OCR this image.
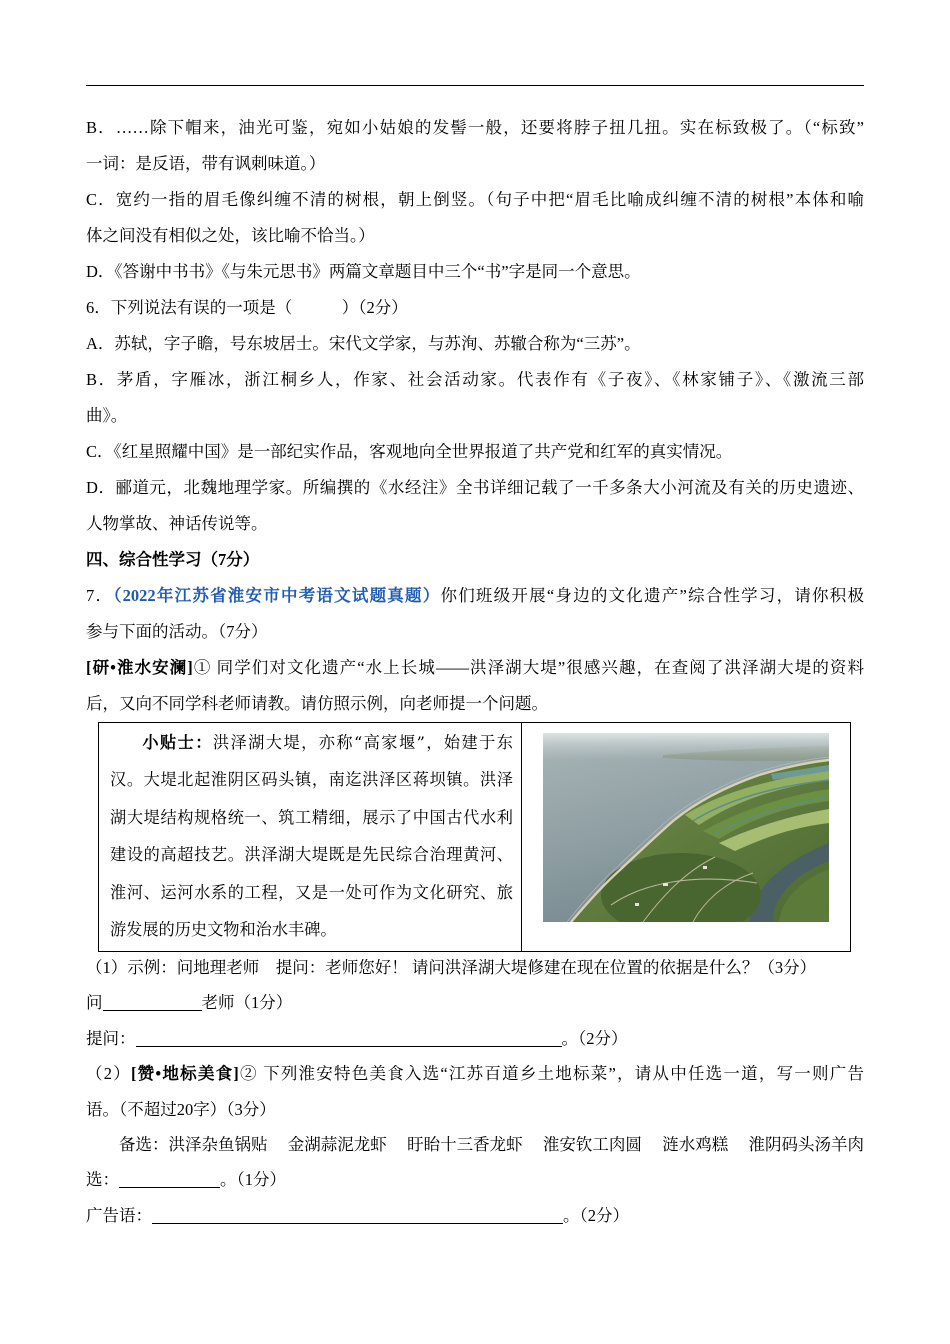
B．……除下帽来，油光可鉴，宛如小姑娘的发髻一般，还要将脖子扭几扭。实在标致极了。（“标致”
一词：是反语，带有讽刺味道。）
C．宽约一指的眉毛像纠缠不清的树根，朝上倒竖。（句子中把“眉毛比喻成纠缠不清的树根”本体和喻
体之间没有相似之处，该比喻不恰当。）
D．《答谢中书书》《与朱元思书》两篇文章题目中三个“书”字是同一个意思。
6．下列说法有误的一项是（　　　）（2分）
A．苏轼，字子瞻，号东坡居士。宋代文学家，与苏洵、苏辙合称为“三苏”。
B．茅盾，字雁冰，浙江桐乡人，作家、社会活动家。代表作有《子夜》、《林家铺子》、《激流三部
曲》。
C．《红星照耀中国》是一部纪实作品，客观地向全世界报道了共产党和红军的真实情况。
D．郦道元，北魏地理学家。所编撰的《水经注》全书详细记载了一千多条大小河流及有关的历史遗迹、
人物掌故、神话传说等。
四、综合性学习（7分）
7．（2022年江苏省淮安市中考语文试题真题）你们班级开展“身边的文化遗产”综合性学习，请你积极
参与下面的活动。（7分）
[研•淮水安澜]① 同学们对文化遗产“水上长城——洪泽湖大堤”很感兴趣，在查阅了洪泽湖大堤的资料
后，又向不同学科老师请教。请仿照示例，向老师提一个问题。
小贴士：洪泽湖大堤，亦称“高家堰”，始建于东
汉。大堤北起淮阴区码头镇，南迄洪泽区蒋坝镇。洪泽
湖大堤结构规格统一、筑工精细，展示了中国古代水利
建设的高超技艺。洪泽湖大堤既是先民综合治理黄河、
淮河、运河水系的工程，又是一处可作为文化研究、旅
游发展的历史文物和治水丰碑。
（1）示例：问地理老师　提问：老师您好！ 请问洪泽湖大堤修建在现在位置的依据是什么？（3分）
问	老师（1分）
提问：	。（2分）
（2）[赞•地标美食]② 下列淮安特色美食入选“江苏百道乡土地标菜”，请从中任选一道，写一则广告
语。（不超过20字）（3分）
备选：洪泽杂鱼锅贴 金湖蒜泥龙虾 盱眙十三香龙虾 淮安钦工肉圆 涟水鸡糕 淮阴码头汤羊肉
选：	。（1分）
广告语：	。（2分）
